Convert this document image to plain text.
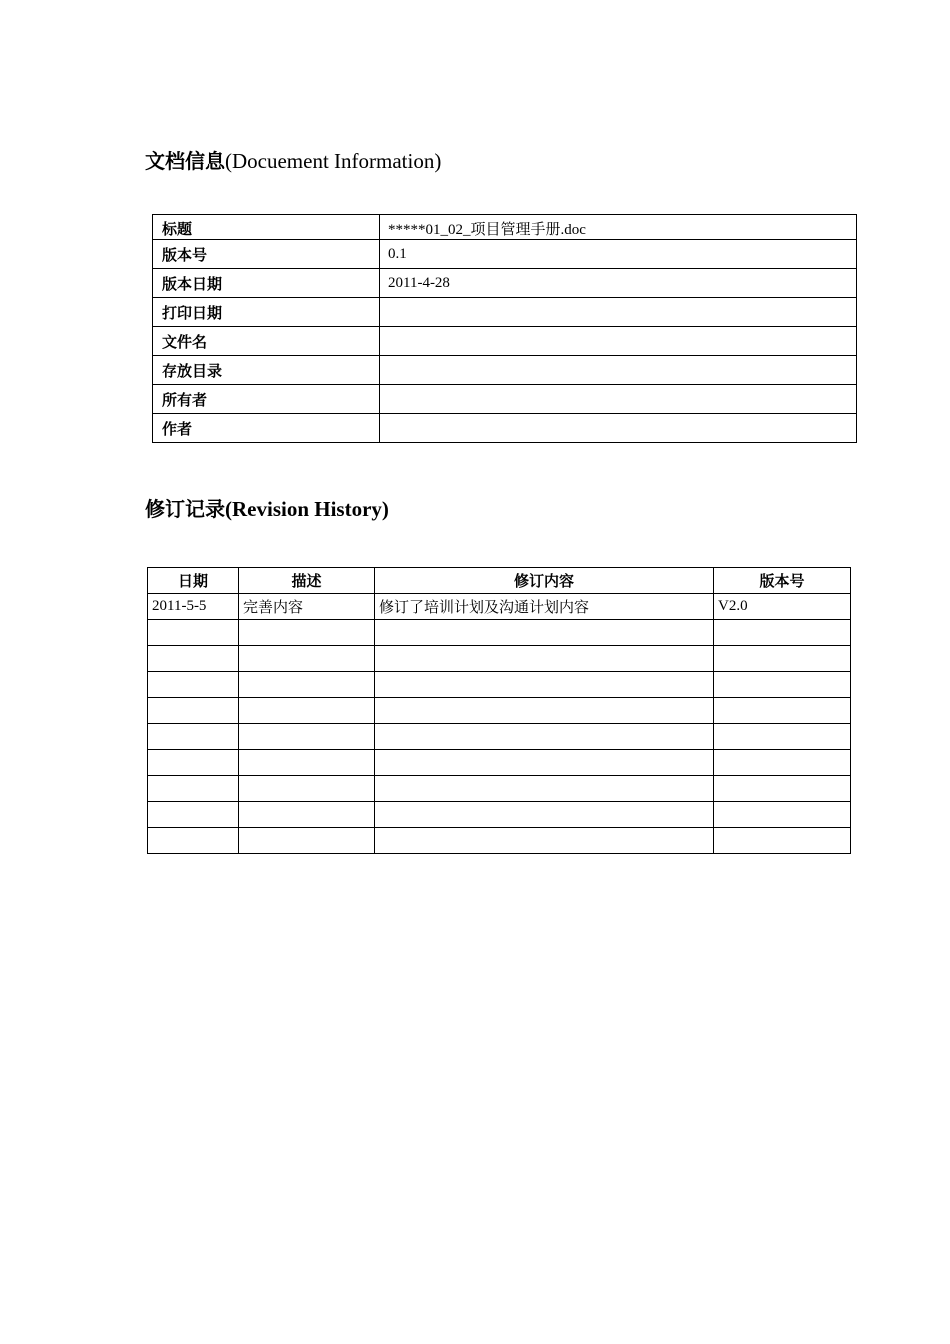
文档信息(Docuement Information)
标题	*****01_02_项目管理手册.doc
版本号	0.1
版本日期	2011-4-28
打印日期	
文件名	
存放目录	
所有者	
作者	
修订记录(Revision History)
日期	描述	修订内容	版本号
2011-5-5	完善内容	修订了培训计划及沟通计划内容	V2.0
